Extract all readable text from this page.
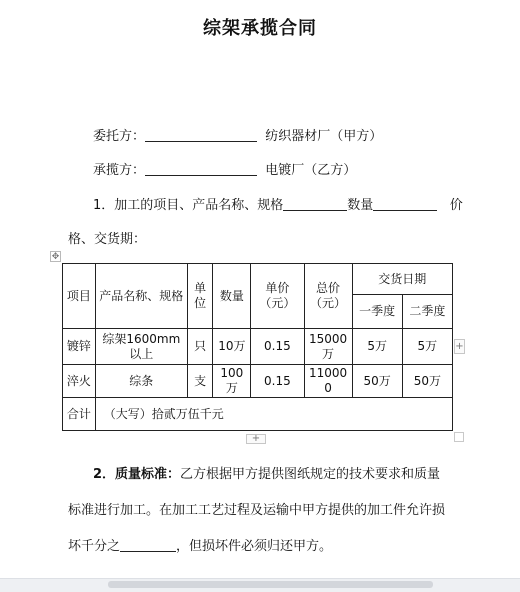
综架承揽合同
委托方：	纺织器材厂（甲方）
承揽方：	电镀厂（乙方）
1．加工的项目、产品名称、规格	数量	价
格、交货期：
✥
项目	产品名称、规格	单位	数量	单价（元）	总价（元）	交货日期	
						一季度	二季度
镀锌	综架1600mm以上	只	10万	0.15	15000万	5万	5万
淬火	综条	支	100万	0.15	110000	50万	50万
合计	（大写）拾贰万伍千元						
+
+
2．质量标准：乙方根据甲方提供图纸规定的技术要求和质量
标准进行加工。在加工工艺过程及运输中甲方提供的加工件允许损
坏千分之	，但损坏件必须归还甲方。
